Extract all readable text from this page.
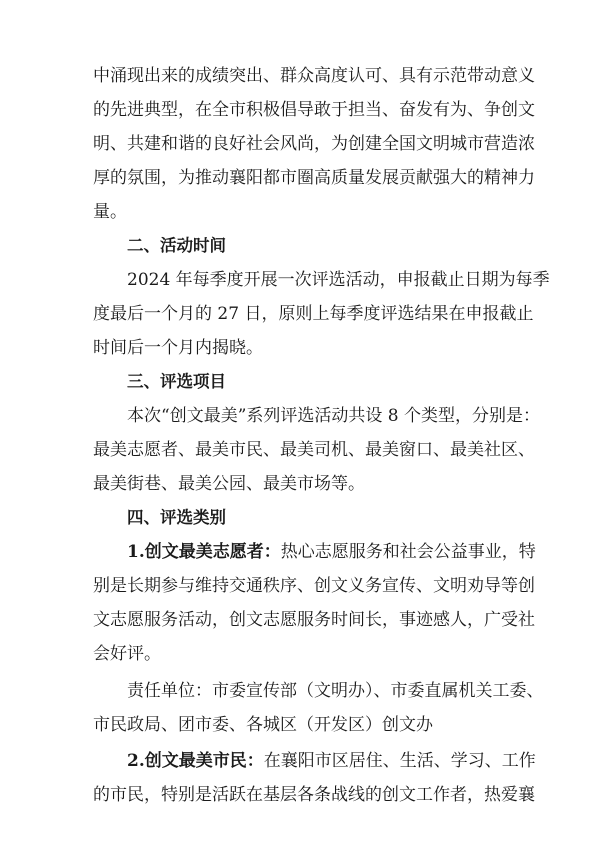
中涌现出来的成绩突出、群众高度认可、具有示范带动意义
的先进典型，在全市积极倡导敢于担当、奋发有为、争创文
明、共建和谐的良好社会风尚，为创建全国文明城市营造浓
厚的氛围，为推动襄阳都市圈高质量发展贡献强大的精神力
量。
二、活动时间
2024 年每季度开展一次评选活动，申报截止日期为每季
度最后一个月的 27 日，原则上每季度评选结果在申报截止
时间后一个月内揭晓。
三、评选项目
本次“创文最美”系列评选活动共设 8 个类型，分别是：
最美志愿者、最美市民、最美司机、最美窗口、最美社区、
最美街巷、最美公园、最美市场等。
四、评选类别
1.创文最美志愿者：热心志愿服务和社会公益事业，特
别是长期参与维持交通秩序、创文义务宣传、文明劝导等创
文志愿服务活动，创文志愿服务时间长，事迹感人，广受社
会好评。
责任单位：市委宣传部（文明办）、市委直属机关工委、
市民政局、团市委、各城区（开发区）创文办
2.创文最美市民：在襄阳市区居住、生活、学习、工作
的市民，特别是活跃在基层各条战线的创文工作者，热爱襄
